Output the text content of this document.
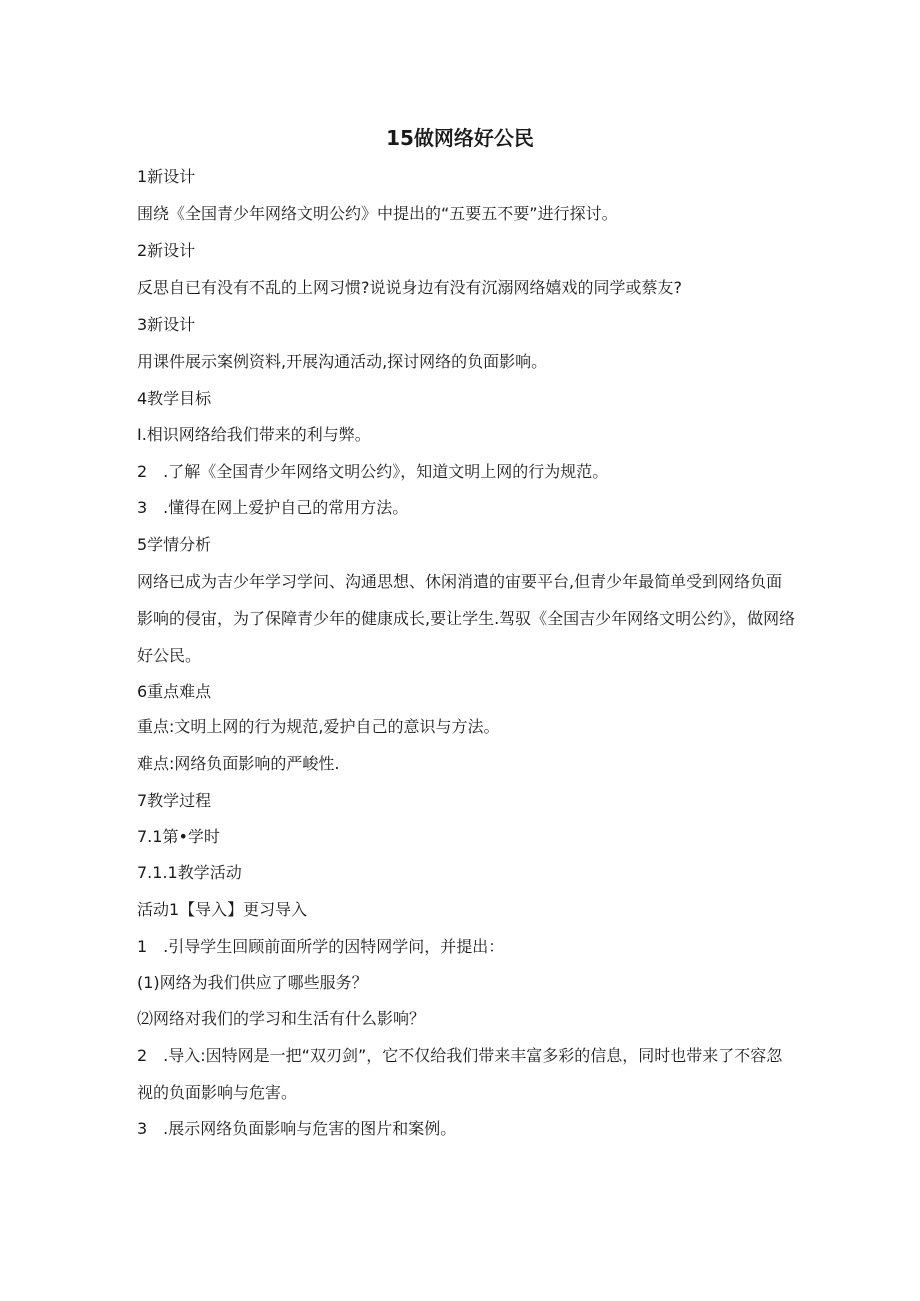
15做网络好公民
1新设计
围绕《全国青少年网络文明公约》中提出的“五要五不要”进行探讨。
2新设计
反思自已有没有不乱的上网习惯?说说身边有没有沉溺网络嬉戏的同学或蔡友?
3新设计
用课件展示案例资料,开展沟通活动,探讨网络的负面影响。
4教学目标
I.相识网络给我们带来的利与弊。
2　.了解《全国青少年网络文明公约》，知道文明上网的行为规范。
3　.懂得在网上爱护自己的常用方法。
5学情分析
网络已成为吉少年学习学问、沟通思想、休闲消遣的宙要平台,但青少年最简单受到网络负面影响的侵宙，为了保障青少年的健康成长,要让学生.驾驭《全国吉少年网络文明公约》，做网络好公民。
6重点难点
重点:文明上网的行为规范,爱护自己的意识与方法。
难点:网络负面影响的严峻性.
7教学过程
7.1第•学时
7.1.1教学活动
活动1【导入】更习导入
1　.引导学生回顾前面所学的因特网学问，并提出：
(1)网络为我们供应了哪些服务？
⑵网络对我们的学习和生活有什么影响？
2　.导入:因特网是一把“双刃剑”，它不仅给我们带来丰富多彩的信息，同时也带来了不容忽视的负面影响与危害。
3　.展示网络负面影响与危害的图片和案例。
